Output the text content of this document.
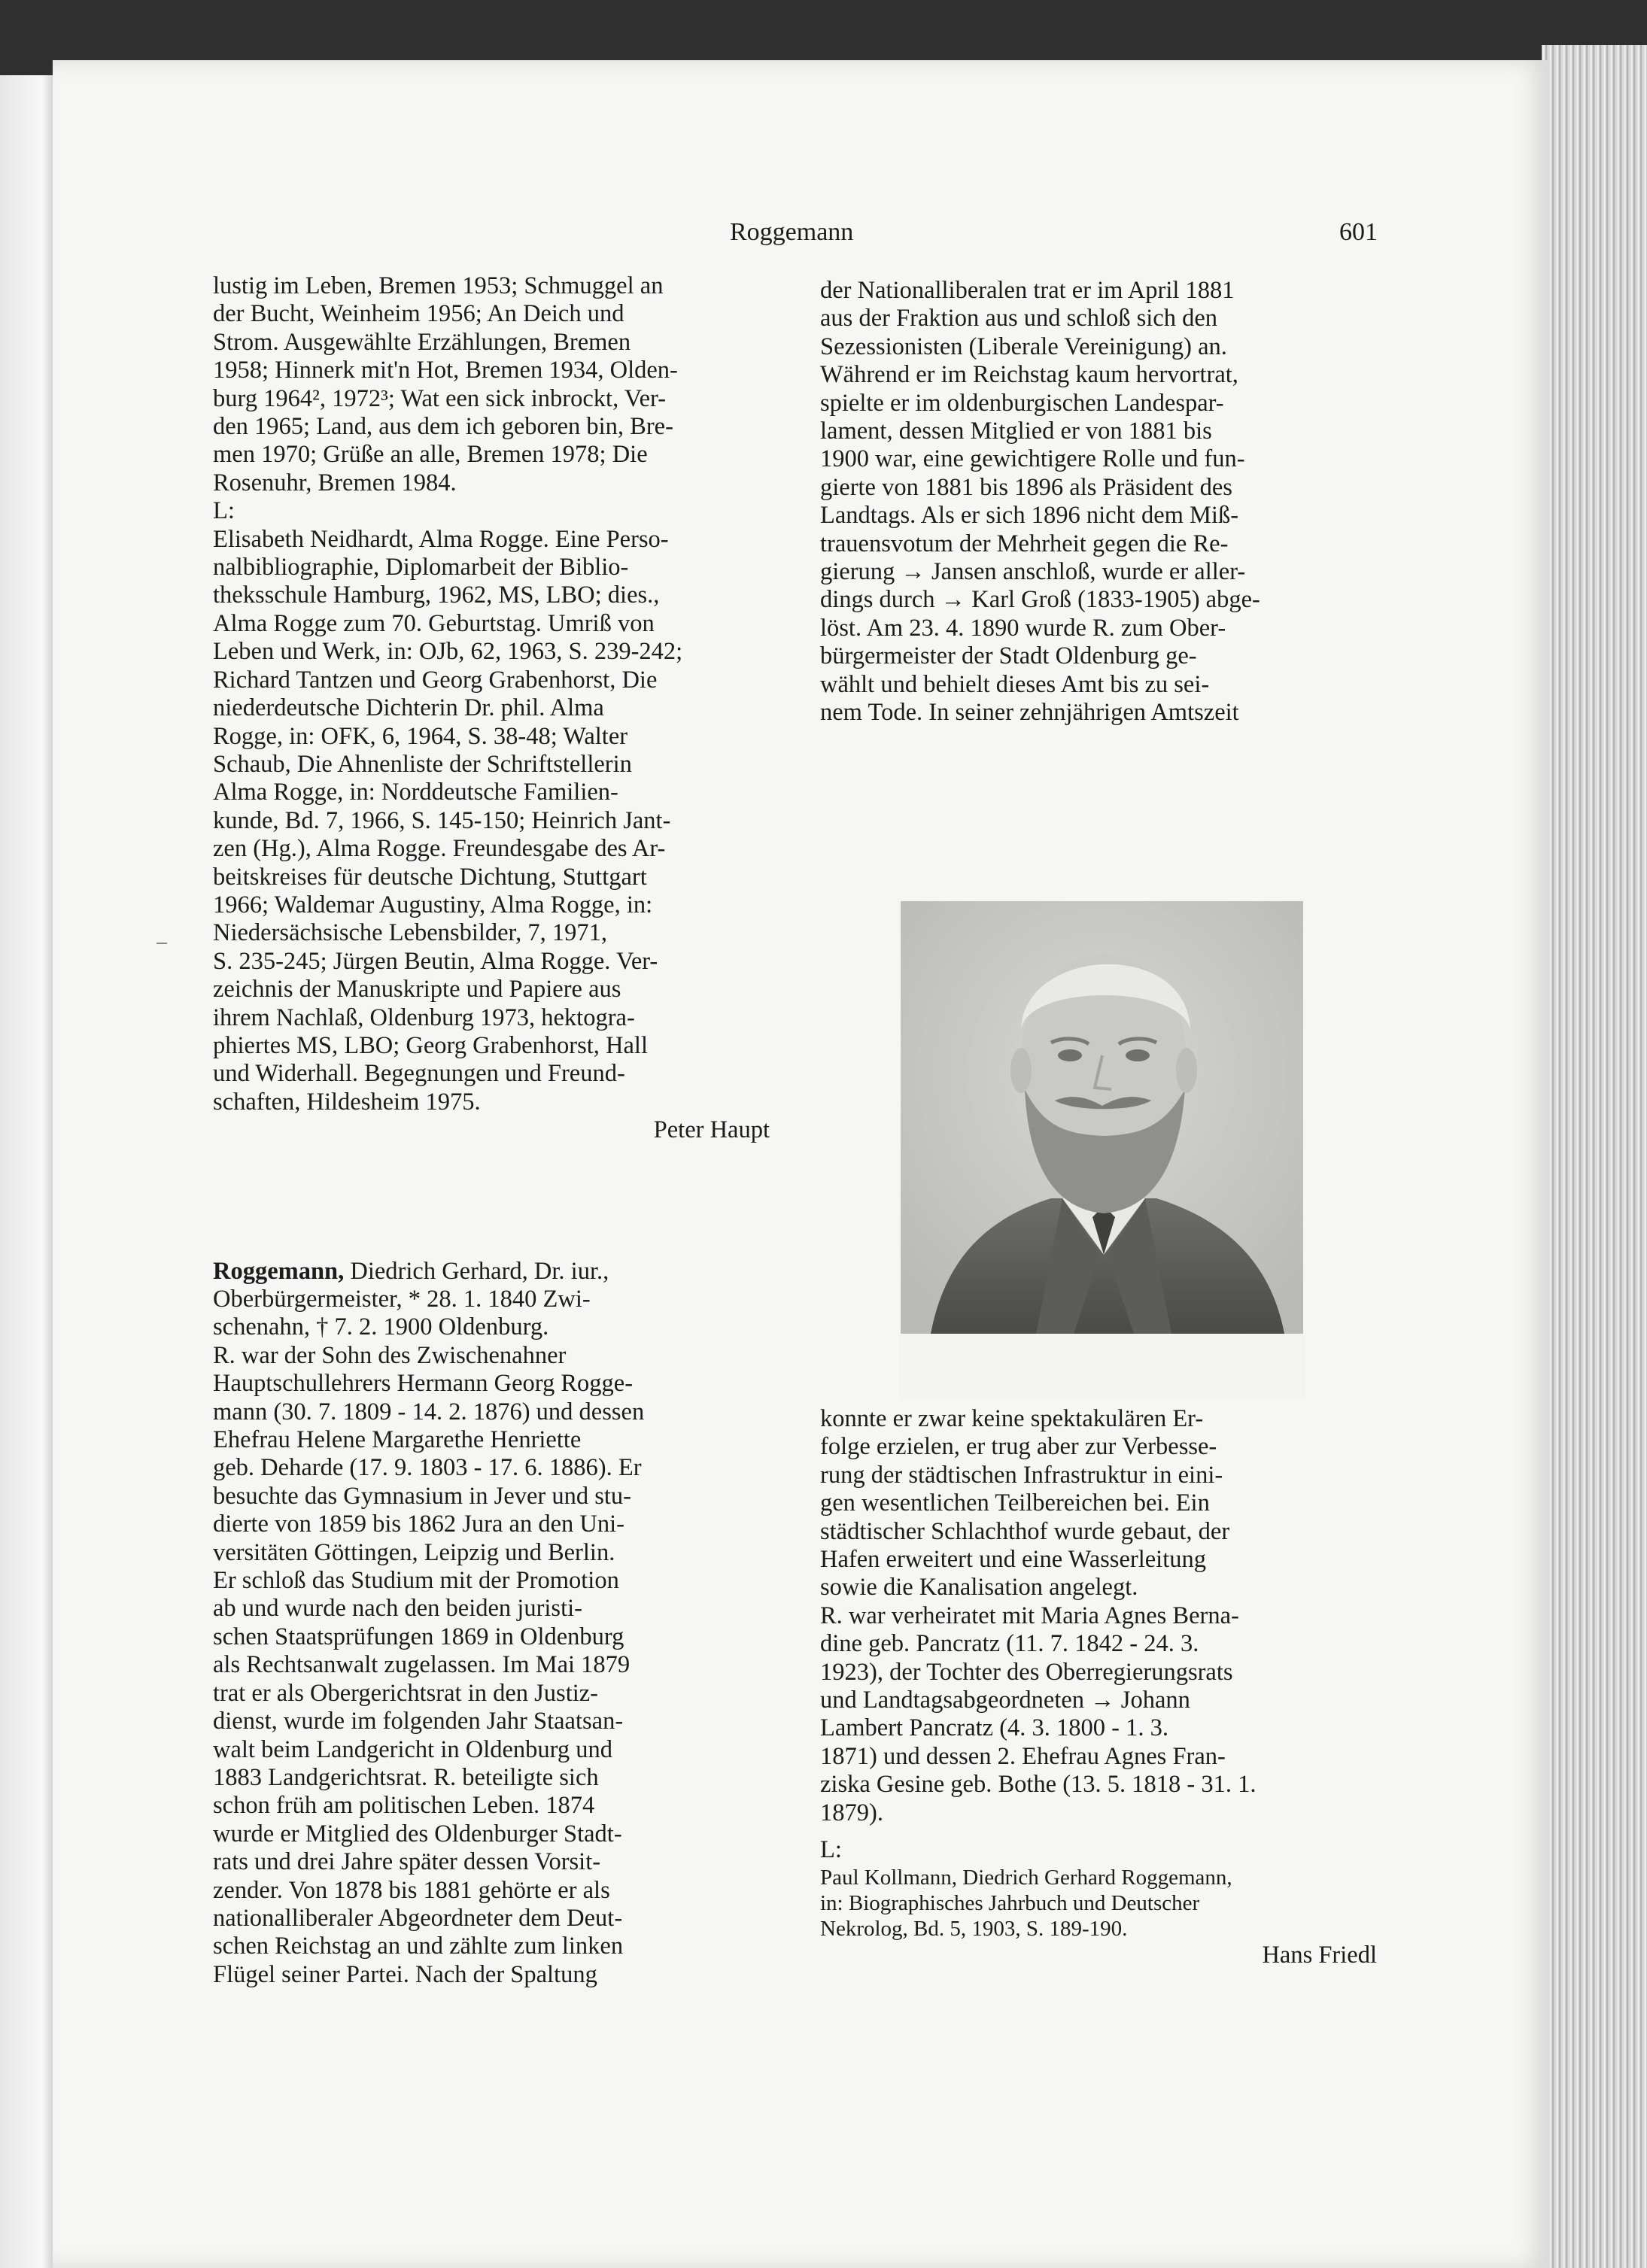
Roggemann	601

lustig im Leben, Bremen 1953; Schmuggel an

der Bucht, Weinheim 1956; An Deich und

Strom. Ausgewählte Erzählungen, Bremen

1958; Hinnerk mit'n Hot, Bremen 1934, Olden-

burg 1964², 1972³; Wat een sick inbrockt, Ver-

den 1965; Land, aus dem ich geboren bin, Bre-

men 1970; Grüße an alle, Bremen 1978; Die

Rosenuhr, Bremen 1984.

L:

Elisabeth Neidhardt, Alma Rogge. Eine Perso-

nalbibliographie, Diplomarbeit der Biblio-

theksschule Hamburg, 1962, MS, LBO; dies.,

Alma Rogge zum 70. Geburtstag. Umriß von

Leben und Werk, in: OJb, 62, 1963, S. 239-242;

Richard Tantzen und Georg Grabenhorst, Die

niederdeutsche Dichterin Dr. phil. Alma

Rogge, in: OFK, 6, 1964, S. 38-48; Walter

Schaub, Die Ahnenliste der Schriftstellerin

Alma Rogge, in: Norddeutsche Familien-

kunde, Bd. 7, 1966, S. 145-150; Heinrich Jant-

zen (Hg.), Alma Rogge. Freundesgabe des Ar-

beitskreises für deutsche Dichtung, Stuttgart

1966; Waldemar Augustiny, Alma Rogge, in:

Niedersächsische Lebensbilder, 7, 1971,

S. 235-245; Jürgen Beutin, Alma Rogge. Ver-

zeichnis der Manuskripte und Papiere aus

ihrem Nachlaß, Oldenburg 1973, hektogra-

phiertes MS, LBO; Georg Grabenhorst, Hall

und Widerhall. Begegnungen und Freund-

schaften, Hildesheim 1975.

Peter Haupt

Roggemann, Diedrich Gerhard, Dr. iur.,

Oberbürgermeister, * 28. 1. 1840 Zwi-

schenahn, † 7. 2. 1900 Oldenburg.

R. war der Sohn des Zwischenahner

Hauptschullehrers Hermann Georg Rogge-

mann (30. 7. 1809 - 14. 2. 1876) und dessen

Ehefrau Helene Margarethe Henriette

geb. Deharde (17. 9. 1803 - 17. 6. 1886). Er

besuchte das Gymnasium in Jever und stu-

dierte von 1859 bis 1862 Jura an den Uni-

versitäten Göttingen, Leipzig und Berlin.

Er schloß das Studium mit der Promotion

ab und wurde nach den beiden juristi-

schen Staatsprüfungen 1869 in Oldenburg

als Rechtsanwalt zugelassen. Im Mai 1879

trat er als Obergerichtsrat in den Justiz-

dienst, wurde im folgenden Jahr Staatsan-

walt beim Landgericht in Oldenburg und

1883 Landgerichtsrat. R. beteiligte sich

schon früh am politischen Leben. 1874

wurde er Mitglied des Oldenburger Stadt-

rats und drei Jahre später dessen Vorsit-

zender. Von 1878 bis 1881 gehörte er als

nationalliberaler Abgeordneter dem Deut-

schen Reichstag an und zählte zum linken

Flügel seiner Partei. Nach der Spaltung

der Nationalliberalen trat er im April 1881

aus der Fraktion aus und schloß sich den

Sezessionisten (Liberale Vereinigung) an.

Während er im Reichstag kaum hervortrat,

spielte er im oldenburgischen Landespar-

lament, dessen Mitglied er von 1881 bis

1900 war, eine gewichtigere Rolle und fun-

gierte von 1881 bis 1896 als Präsident des

Landtags. Als er sich 1896 nicht dem Miß-

trauensvotum der Mehrheit gegen die Re-

gierung → Jansen anschloß, wurde er aller-

dings durch → Karl Groß (1833-1905) abge-

löst. Am 23. 4. 1890 wurde R. zum Ober-

bürgermeister der Stadt Oldenburg ge-

wählt und behielt dieses Amt bis zu sei-

nem Tode. In seiner zehnjährigen Amtszeit

konnte er zwar keine spektakulären Er-

folge erzielen, er trug aber zur Verbesse-

rung der städtischen Infrastruktur in eini-

gen wesentlichen Teilbereichen bei. Ein

städtischer Schlachthof wurde gebaut, der

Hafen erweitert und eine Wasserleitung

sowie die Kanalisation angelegt.

R. war verheiratet mit Maria Agnes Berna-

dine geb. Pancratz (11. 7. 1842 - 24. 3.

1923), der Tochter des Oberregierungsrats

und Landtagsabgeordneten → Johann

Lambert Pancratz (4. 3. 1800 - 1. 3.

1871) und dessen 2. Ehefrau Agnes Fran-

ziska Gesine geb. Bothe (13. 5. 1818 - 31. 1.

1879).

L:

Paul Kollmann, Diedrich Gerhard Roggemann,

in: Biographisches Jahrbuch und Deutscher

Nekrolog, Bd. 5, 1903, S. 189-190.

Hans Friedl
